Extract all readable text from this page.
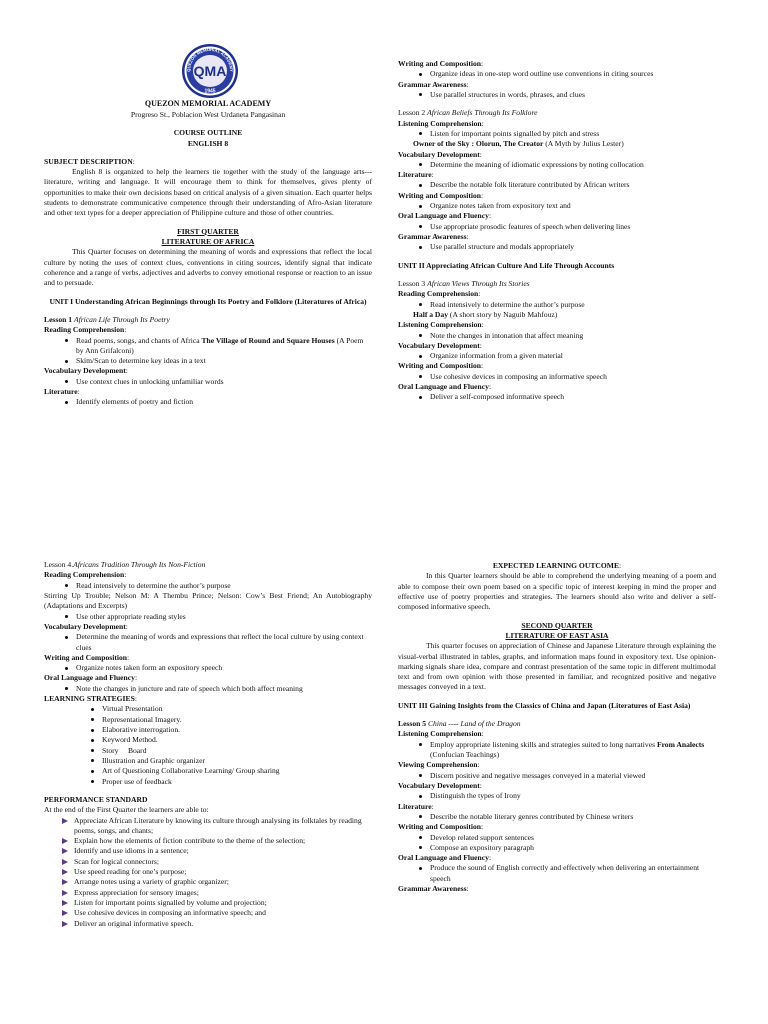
QMA
QUEZON MEMORIAL ACADEMY
1945

QUEZON MEMORIAL ACADEMY

Progreso St., Poblacion West Urdaneta Pangasinan

COURSE OUTLINE

ENGLISH 8

SUBJECT DESCRIPTION:

English 8 is organized to help the learners tie together with the study of the language arts--- literature, writing and language. It will encourage them to think for themselves, gives plenty of opportunities to make their own decisions based on critical analysis of a given situation. Each quarter helps students to demonstrate communicative competence through their understanding of Afro-Asian literature and other text types for a deeper appreciation of Philippine culture and those of other countries.

FIRST QUARTER

LITERATURE OF AFRICA

This Quarter focuses on determining the meaning of words and expressions that reflect the local culture by noting the uses of context clues, conventions in citing sources, identify signal that indicate coherence and a range of verbs, adjectives and adverbs to convey emotional response or reaction to an issue and to persuade.

UNIT I Understanding African Beginnings through Its Poetry and Folklore (Literatures of Africa)

Lesson 1 African Life Through Its Poetry

Reading Comprehension:

Read poems, songs, and chants of Africa The Village of Round and Square Houses (A Poem by Ann Grifalconi)
Skim/Scan to determine key ideas in a text

Vocabulary Development:

Use context clues in unlocking unfamiliar words

Literature:

Identify elements of poetry and fiction

Writing and Composition:

Organize ideas in one-step word outline use conventions in citing sources

Grammar Awareness:

Use parallel structures in words, phrases, and clues

Lesson 2 African Beliefs Through Its Folklore

Listening Comprehension:

Listen for important points signalled by pitch and stress

Owner of the Sky : Olorun, The Creator (A Myth by Julius Lester)

Vocabulary Development:

Determine the meaning of idiomatic expressions by noting collocation

Literature:

Describe the notable folk literature contributed by African writers

Writing and Composition:

Organize notes taken from expository text and

Oral Language and Fluency:

Use appropriate prosodic features of speech when delivering lines

Grammar Awareness:

Use parallel structure and modals appropriately

UNIT II Appreciating African Culture And Life Through Accounts

Lesson 3 African Views Through Its Stories

Reading Comprehension:

Read intensively to determine the author’s purpose

Half a Day (A short story by Naguib Mahfouz)

Listening Comprehension:

Note the changes in intonation that affect meaning

Vocabulary Development:

Organize information from a given material

Writing and Composition:

Use cohesive devices in composing an informative speech

Oral Language and Fluency:

Deliver a self-composed informative speech

Lesson 4.Africans Tradition Through Its Non-Fiction

Reading Comprehension:

Read intensively to determine the author’s purpose

Stirring Up Trouble; Nelson M: A Thembu Prince; Nelson: Cow’s Best Friend; An Autobiography (Adaptations and Excerpts)

Use other appropriate reading styles

Vocabulary Development:

Determine the meaning of words and expressions that reflect the local culture by using context clues

Writing and Composition:

Organize notes taken form an expository speech

Oral Language and Fluency:

Note the changes in juncture and rate of speech which both affect meaning

LEARNING STRATEGIES:

Virtual Presentation
Representational Imagery.
Elaborative interrogation.
Keyword Method.
Story     Board
Illustration and Graphic organizer
Art of Questioning Collaborative Learning/ Group sharing
Proper use of feedback

PERFORMANCE STANDARD

At the end of the First Quarter the learners are able to:

Appreciate African Literature by knowing its culture through analysing its folktales by reading poems, songs, and chants;
Explain how the elements of fiction contribute to the theme of the selection;
Identify and use idioms in a sentence;
Scan for logical connectors;
Use speed reading for one’s purpose;
Arrange notes using a variety of graphic organizer;
Express appreciation for sensory images;
Listen for important points signalled by volume and projection;
Use cohesive devices in composing an informative speech; and
Deliver an original informative speech.

EXPECTED LEARNING OUTCOME:

In this Quarter learners should be able to comprehend the underlying meaning of a poem and able to compose their own poem based on a specific topic of interest keeping in mind the proper and effective use of poetry properties and strategies. The learners should also write and deliver a self-composed informative speech.

SECOND QUARTER

LITERATURE OF EAST ASIA

This quarter focuses on appreciation of Chinese and Japanese Literature through explaining the visual-verbal illustrated in tables, graphs, and information maps found in expository text. Use opinion-marking signals share idea, compare and contrast presentation of the same topic in different multimodal text and from own opinion with those presented in familiar, and recognized positive and negative messages conveyed in a text.

UNIT III Gaining Insights from the Classics of China and Japan (Literatures of East Asia)

Lesson 5 China ---- Land of the Dragon

Listening Comprehension:

Employ appropriate listening skills and strategies suited to long narratives From Analects (Confucian Teachings)

Viewing Comprehension:

Discern positive and negative messages conveyed in a material viewed

Vocabulary Development:

Distinguish the types of Irony

Literature:

Describe the notable literary genres contributed by Chinese writers

Writing and Composition:

Develop related support sentences
Compose an expository paragraph

Oral Language and Fluency:

Produce the sound of English correctly and effectively when delivering an entertainment speech

Grammar Awareness:
